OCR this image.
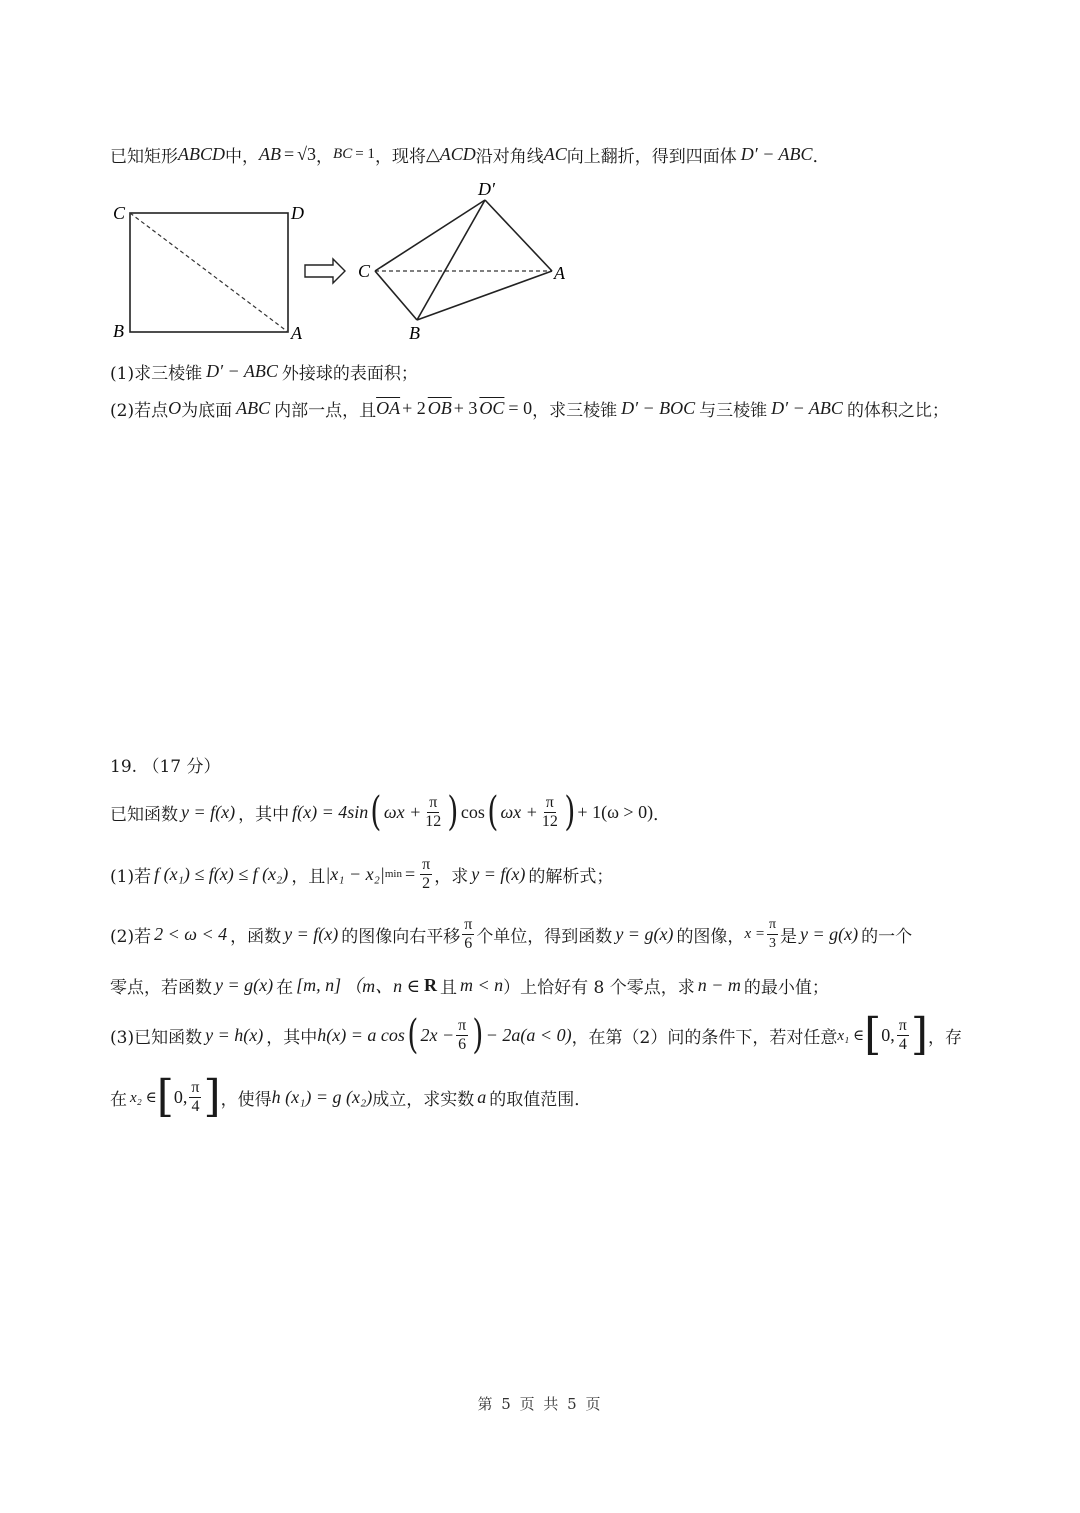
已知矩形 ABCD 中， AB = √3 ， BC = 1 ，现将 △ACD 沿对角线 AC 向上翻折，得到四面体 D′ − ABC ．
C	D
B	A
D′
C	A
B
(1)求三棱锥 D′ − ABC 外接球的表面积；
(2)若点 O 为底面 ABC 内部一点，且 $\overline{OA} + 2$ $\overline{OB} + 3$ $\overline{OC} = 0$ ，求三棱锥 D′ − BOC 与三棱锥 D′ − ABC 的体积之比；
19. （17 分）
已知函数 y = f(x) ，其中 f(x) = 4sin ( $\omega x + \frac{\pi}{12}$ ) cos ( $\omega x + \frac{\pi}{12}$ ) + 1(ω > 0) ．
(1)若 f (x₁) ≤ f(x) ≤ f (x₂) ，且 |x₁ − x₂| $\min = \frac{\pi}{2}$ ，求 y = f(x) 的解析式；
(2)若 2 < ω < 4 ，函数 y = f(x) 的图像向右平移 $\frac{\pi}{6}$ 个单位，得到函数 y = g(x) 的图像， $x = \frac{\pi}{3}$ 是 y = g(x) 的一个
零点，若函数 y = g(x) 在 [m, n] （m、n ∈ R 且 m < n ）上恰好有 8 个零点，求 n − m 的最小值；
(3)已知函数 y = h(x) ，其中 h(x) = a cos ( $2x - \frac{\pi}{6}$ ) − 2a(a < 0) ，在第（2）问的条件下，若对任意 x₁ ∈ [ 0, $\frac{\pi}{4}$ ] ，存
在 x₂ ∈ [ 0, $\frac{\pi}{4}$ ] ，使得 h (x₁) = g (x₂) 成立，求实数 a 的取值范围．
第 5 页 共 5 页
